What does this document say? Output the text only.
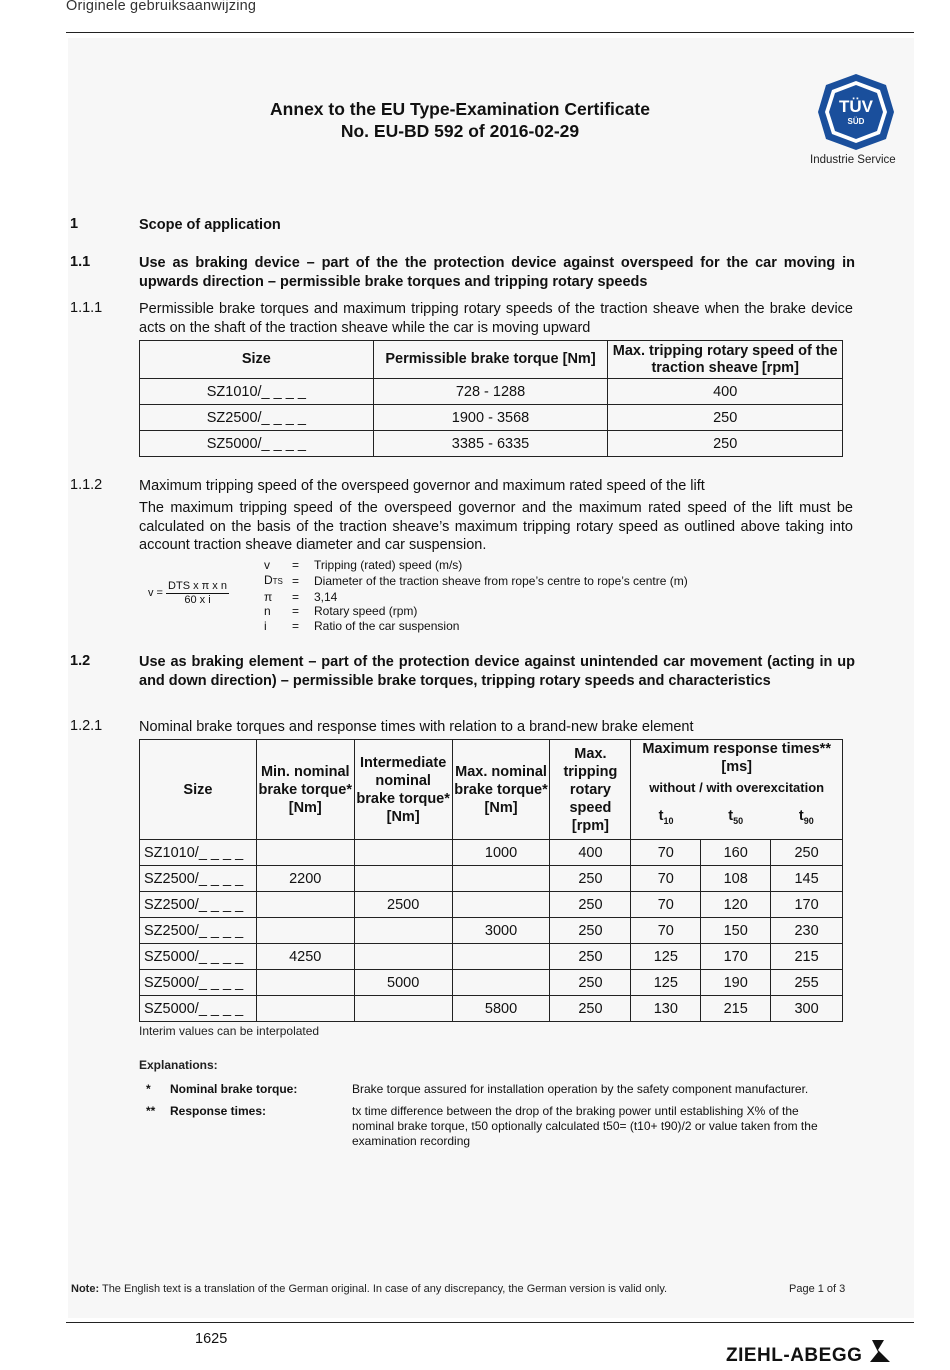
Originele gebruiksaanwijzing
Annex to the EU Type-Examination Certificate
No. EU-BD 592 of 2016-02-29
TÜV
SÜD
Industrie Service
1	Scope of application
1.1	Use as braking device – part of the the protection device against overspeed for the car moving in upwards direction – permissible brake torques and tripping rotary speeds
1.1.1	Permissible brake torques and maximum tripping rotary speeds of the traction sheave when the brake device acts on the shaft of the traction sheave while the car is moving upward
Size	Permissible brake torque [Nm]	Max. tripping rotary speed of the traction sheave [rpm]
SZ1010/_ _ _ _	728 - 1288	400
SZ2500/_ _ _ _	1900 - 3568	250
SZ5000/_ _ _ _	3385 - 6335	250
1.1.2	Maximum tripping speed of the overspeed governor and maximum rated speed of the lift
The maximum tripping speed of the overspeed governor and the maximum rated speed of the lift must be calculated on the basis of the traction sheave’s maximum tripping rotary speed as outlined above taking into account traction sheave diameter and car suspension.
$v = \frac{\text{DTS x π x n}}{\text{60 x i}}$
v	=	Tripping (rated) speed (m/s)
DTS	=	Diameter of the traction sheave from rope’s centre to rope’s centre (m)
π	=	3,14
n	=	Rotary speed (rpm)
i	=	Ratio of the car suspension
1.2	Use as braking element – part of the protection device against unintended car movement (acting in up and down direction) – permissible brake torques, tripping rotary speeds and characteristics
1.2.1	Nominal brake torques and response times with relation to a brand-new brake element
Size	Min. nominal brake torque* [Nm]	Intermediate nominal brake torque* [Nm]	Max. nominal brake torque* [Nm]	Max. tripping rotary speed [rpm]	Maximum response times** [ms]
without / with overexcitation		

					$t_{10}$	$t_{50}$	$t_{90}$
SZ1010/_ _ _ _			1000	400	70	160	250
SZ2500/_ _ _ _	2200			250	70	108	145
SZ2500/_ _ _ _		2500		250	70	120	170
SZ2500/_ _ _ _			3000	250	70	150	230
SZ5000/_ _ _ _	4250			250	125	170	215
SZ5000/_ _ _ _		5000		250	125	190	255
SZ5000/_ _ _ _			5800	250	130	215	300
Interim values can be interpolated
Explanations:
*	Nominal brake torque:	Brake torque assured for installation operation by the safety component manufacturer.
**	Response times:	tx time difference between the drop of the braking power until establishing X% of the nominal brake torque, t50 optionally calculated t50= (t10+ t90)/2 or value taken from the examination recording
Note: The English text is a translation of the German original. In case of any discrepancy, the German version is valid only.	Page 1 of 3
1625
ZIEHL-ABEGG
